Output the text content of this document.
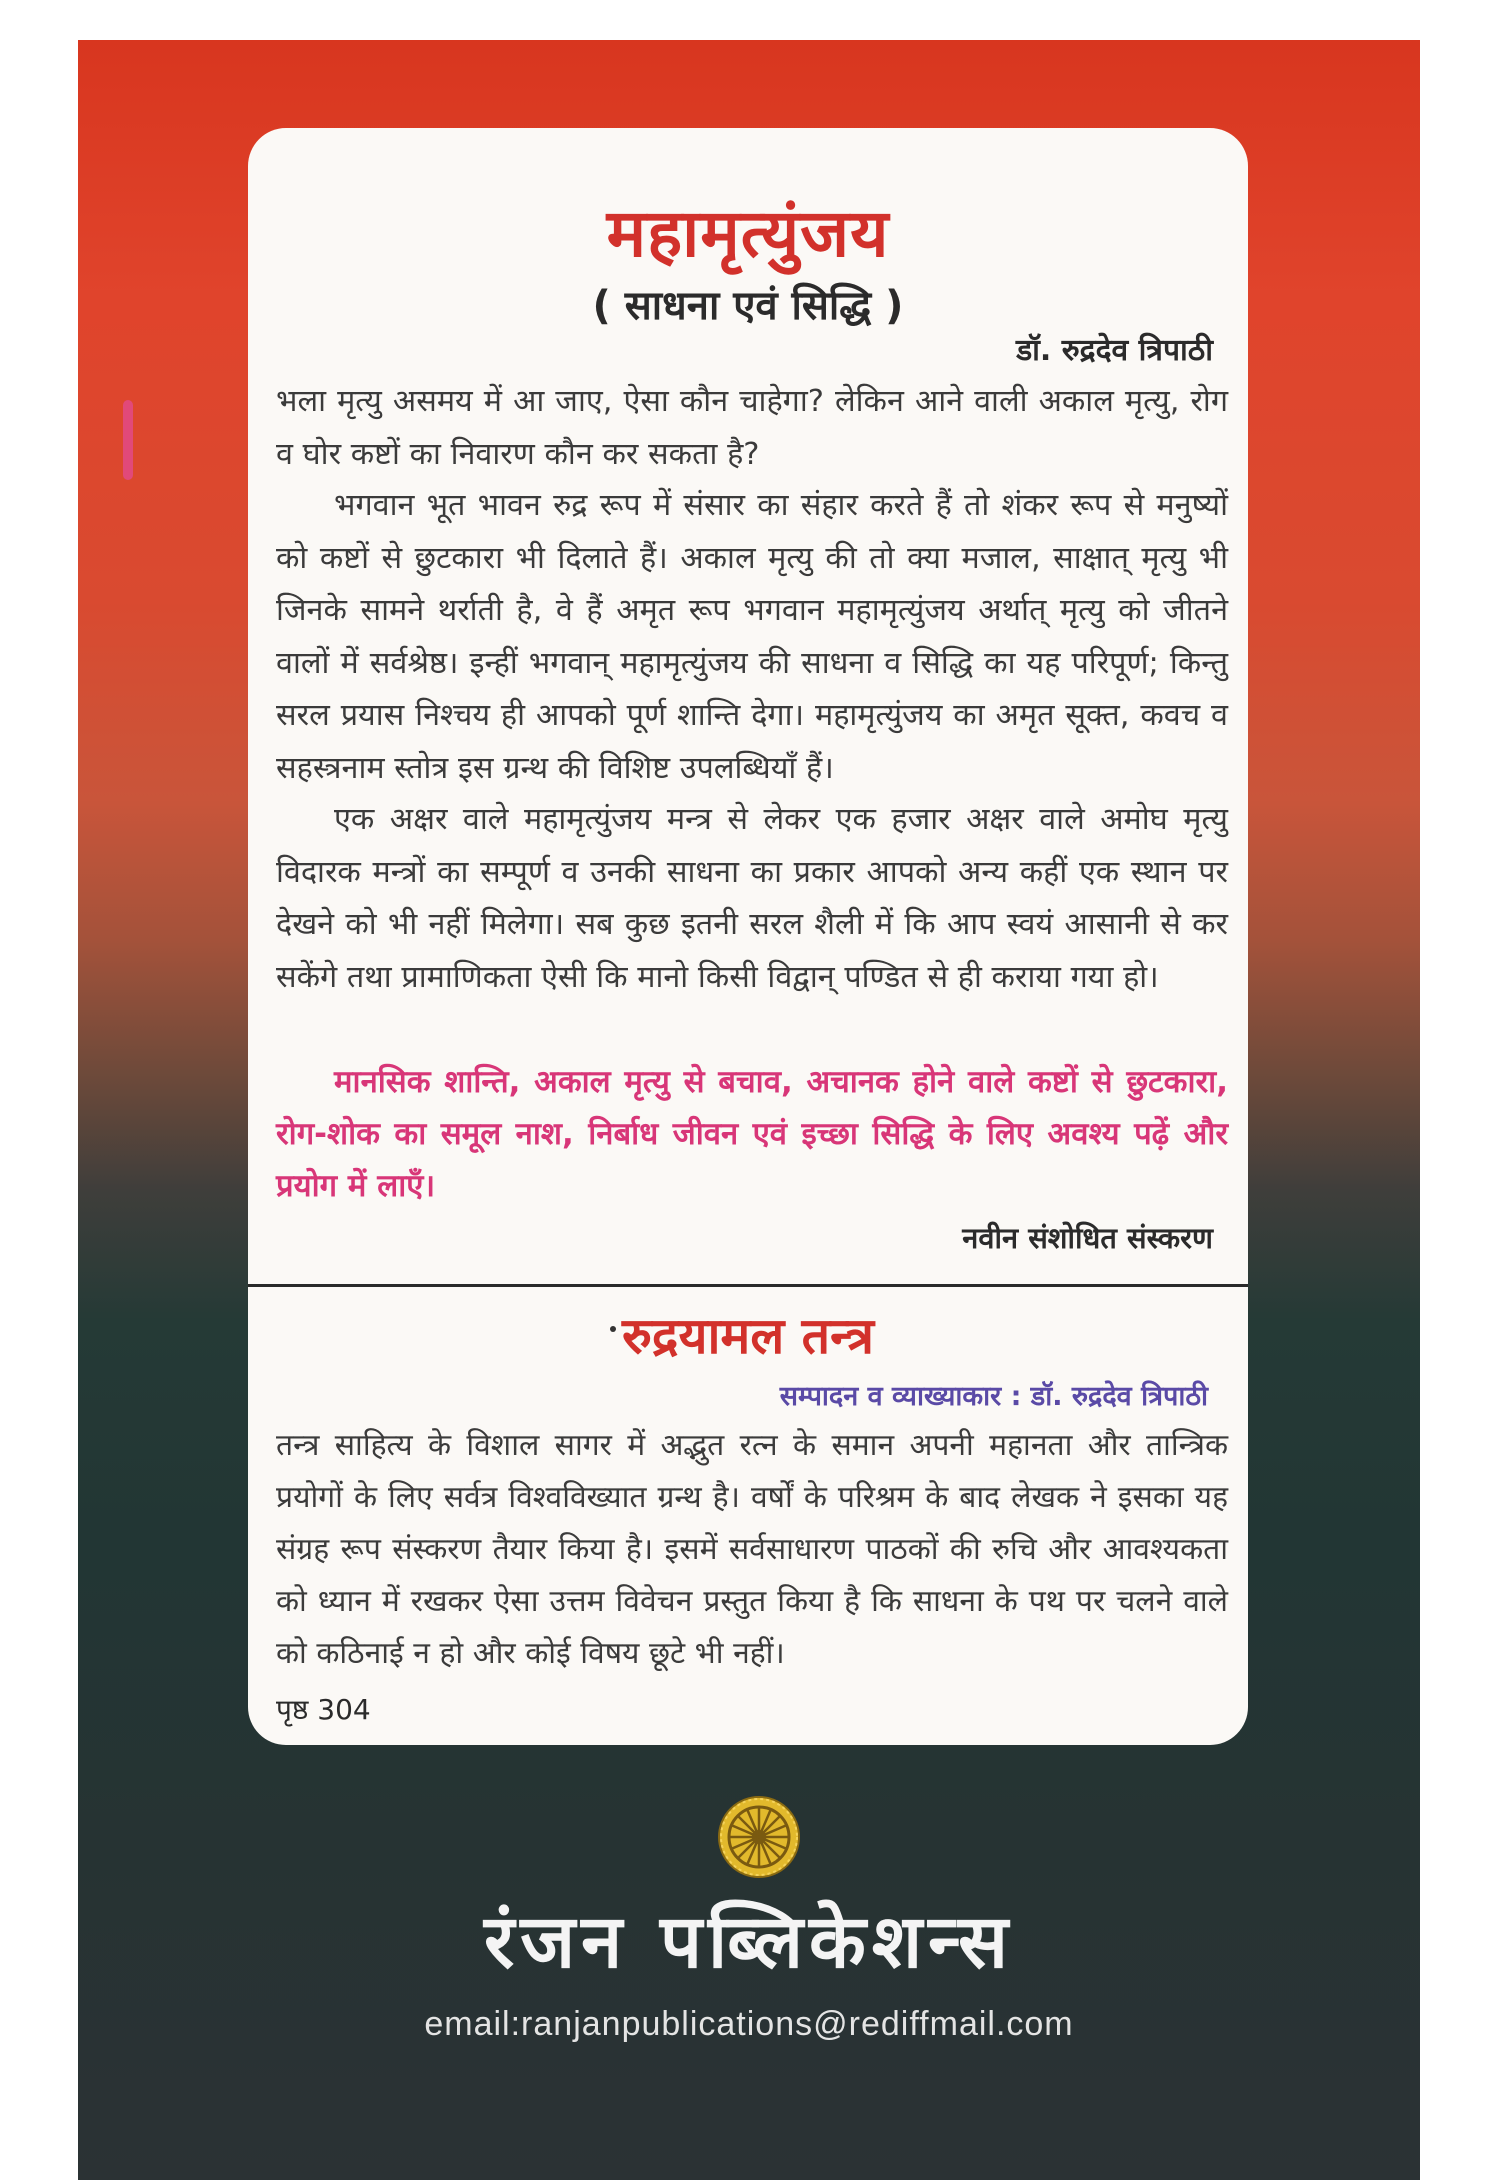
महामृत्युंजय
( साधना एवं सिद्धि )
डॉ. रुद्रदेव त्रिपाठी
भला मृत्यु असमय में आ जाए, ऐसा कौन चाहेगा? लेकिन आने वाली अकाल मृत्यु, रोग व घोर कष्टों का निवारण कौन कर सकता है?
भगवान भूत भावन रुद्र रूप में संसार का संहार करते हैं तो शंकर रूप से मनुष्यों को कष्टों से छुटकारा भी दिलाते हैं। अकाल मृत्यु की तो क्या मजाल, साक्षात् मृत्यु भी जिनके सामने थर्राती है, वे हैं अमृत रूप भगवान महामृत्युंजय अर्थात् मृत्यु को जीतने वालों में सर्वश्रेष्ठ। इन्हीं भगवान् महामृत्युंजय की साधना व सिद्धि का यह परिपूर्ण; किन्तु सरल प्रयास निश्चय ही आपको पूर्ण शान्ति देगा। महामृत्युंजय का अमृत सूक्त, कवच व सहस्त्रनाम स्तोत्र इस ग्रन्थ की विशिष्ट उपलब्धियाँ हैं।
एक अक्षर वाले महामृत्युंजय मन्त्र से लेकर एक हजार अक्षर वाले अमोघ मृत्यु विदारक मन्त्रों का सम्पूर्ण व उनकी साधना का प्रकार आपको अन्य कहीं एक स्थान पर देखने को भी नहीं मिलेगा। सब कुछ इतनी सरल शैली में कि आप स्वयं आसानी से कर सकेंगे तथा प्रामाणिकता ऐसी कि मानो किसी विद्वान् पण्डित से ही कराया गया हो।
मानसिक शान्ति, अकाल मृत्यु से बचाव, अचानक होने वाले कष्टों से छुटकारा, रोग-शोक का समूल नाश, निर्बाध जीवन एवं इच्छा सिद्धि के लिए अवश्य पढ़ें और प्रयोग में लाएँ।
नवीन संशोधित संस्करण
रुद्रयामल तन्त्र
सम्पादन व व्याख्याकार : डॉ. रुद्रदेव त्रिपाठी
तन्त्र साहित्य के विशाल सागर में अद्भुत रत्न के समान अपनी महानता और तान्त्रिक प्रयोगों के लिए सर्वत्र विश्वविख्यात ग्रन्थ है। वर्षों के परिश्रम के बाद लेखक ने इसका यह संग्रह रूप संस्करण तैयार किया है। इसमें सर्वसाधारण पाठकों की रुचि और आवश्यकता को ध्यान में रखकर ऐसा उत्तम विवेचन प्रस्तुत किया है कि साधना के पथ पर चलने वाले को कठिनाई न हो और कोई विषय छूटे भी नहीं।
पृष्ठ 304
रंजन पब्लिकेशन्स
email:ranjanpublications@rediffmail.com
